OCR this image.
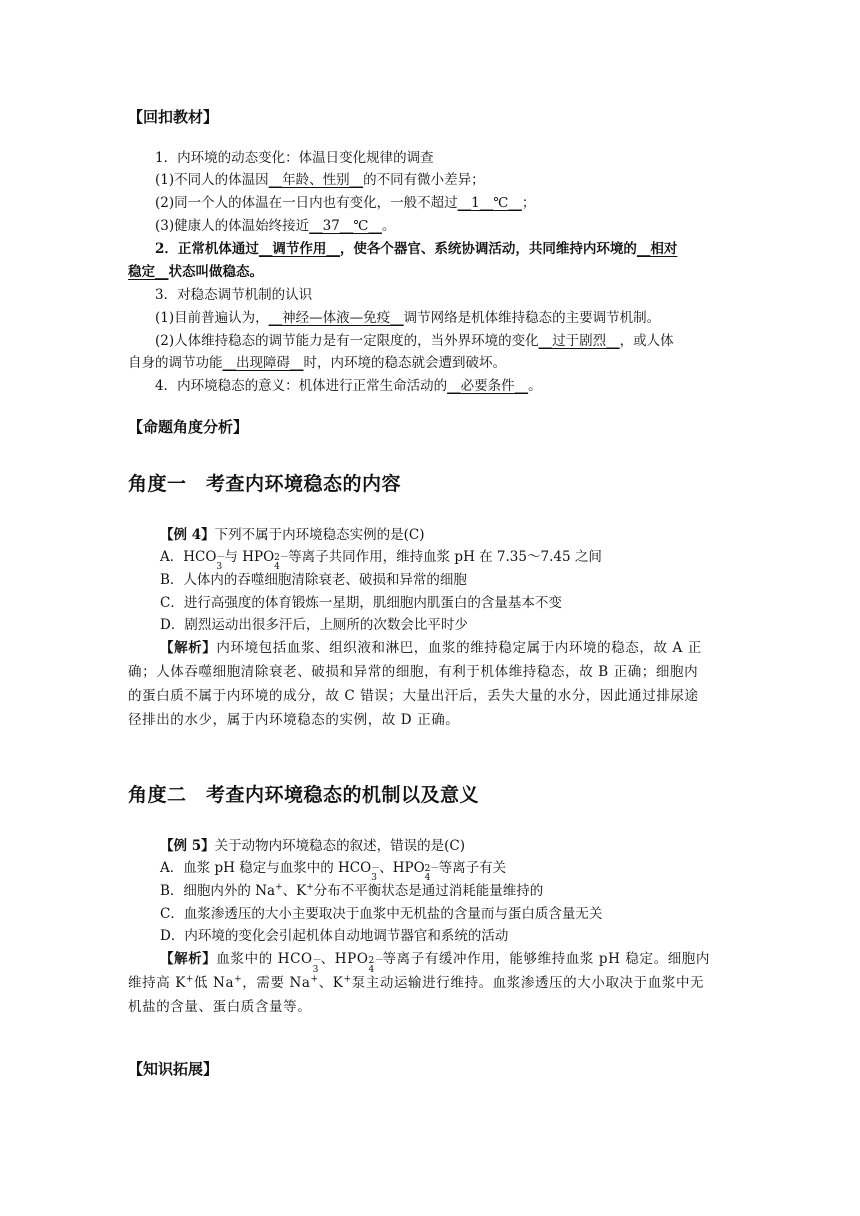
【回扣教材】
1．内环境的动态变化：体温日变化规律的调查
(1)不同人的体温因__年龄、性别__的不同有微小差异；
(2)同一个人的体温在一日内也有变化，一般不超过__1__℃__；
(3)健康人的体温始终接近__37__℃__。
2．正常机体通过__调节作用__，使各个器官、系统协调活动，共同维持内环境的__相对
稳定__状态叫做稳态。
3．对稳态调节机制的认识
(1)目前普遍认为，__神经—体液—免疫__调节网络是机体维持稳态的主要调节机制。
(2)人体维持稳态的调节能力是有一定限度的，当外界环境的变化__过于剧烈__，或人体
自身的调节功能__出现障碍__时，内环境的稳态就会遭到破坏。
4．内环境稳态的意义：机体进行正常生命活动的__必要条件__。
【命题角度分析】
角度一　考查内环境稳态的内容
【例 4】下列不属于内环境稳态实例的是(C)
A．HCO －
3
与 HPO 2－
4
等离子共同作用，维持血浆 pH 在 7.35～7.45 之间
B．人体内的吞噬细胞清除衰老、破损和异常的细胞
C．进行高强度的体育锻炼一星期，肌细胞内肌蛋白的含量基本不变
D．剧烈运动出很多汗后，上厕所的次数会比平时少
【解析】内环境包括血浆、组织液和淋巴，血浆的维持稳定属于内环境的稳态，故 A 正
确；人体吞噬细胞清除衰老、破损和异常的细胞，有利于机体维持稳态，故 B 正确；细胞内
的蛋白质不属于内环境的成分，故 C 错误；大量出汗后，丢失大量的水分，因此通过排尿途
径排出的水少，属于内环境稳态的实例，故 D 正确。
角度二　考查内环境稳态的机制以及意义
【例 5】关于动物内环境稳态的叙述，错误的是(C)
A．血浆 pH 稳定与血浆中的 HCO －
3
、HPO 2－
4
等离子有关
B．细胞内外的 Na+、K+分布不平衡状态是通过消耗能量维持的
C．血浆渗透压的大小主要取决于血浆中无机盐的含量而与蛋白质含量无关
D．内环境的变化会引起机体自动地调节器官和系统的活动
【解析】血浆中的 HCO －
3
、HPO 2－
4
等离子有缓冲作用，能够维持血浆 pH 稳定。细胞内
维持高 K+低 Na+，需要 Na+、K+泵主动运输进行维持。血浆渗透压的大小取决于血浆中无
机盐的含量、蛋白质含量等。
【知识拓展】
